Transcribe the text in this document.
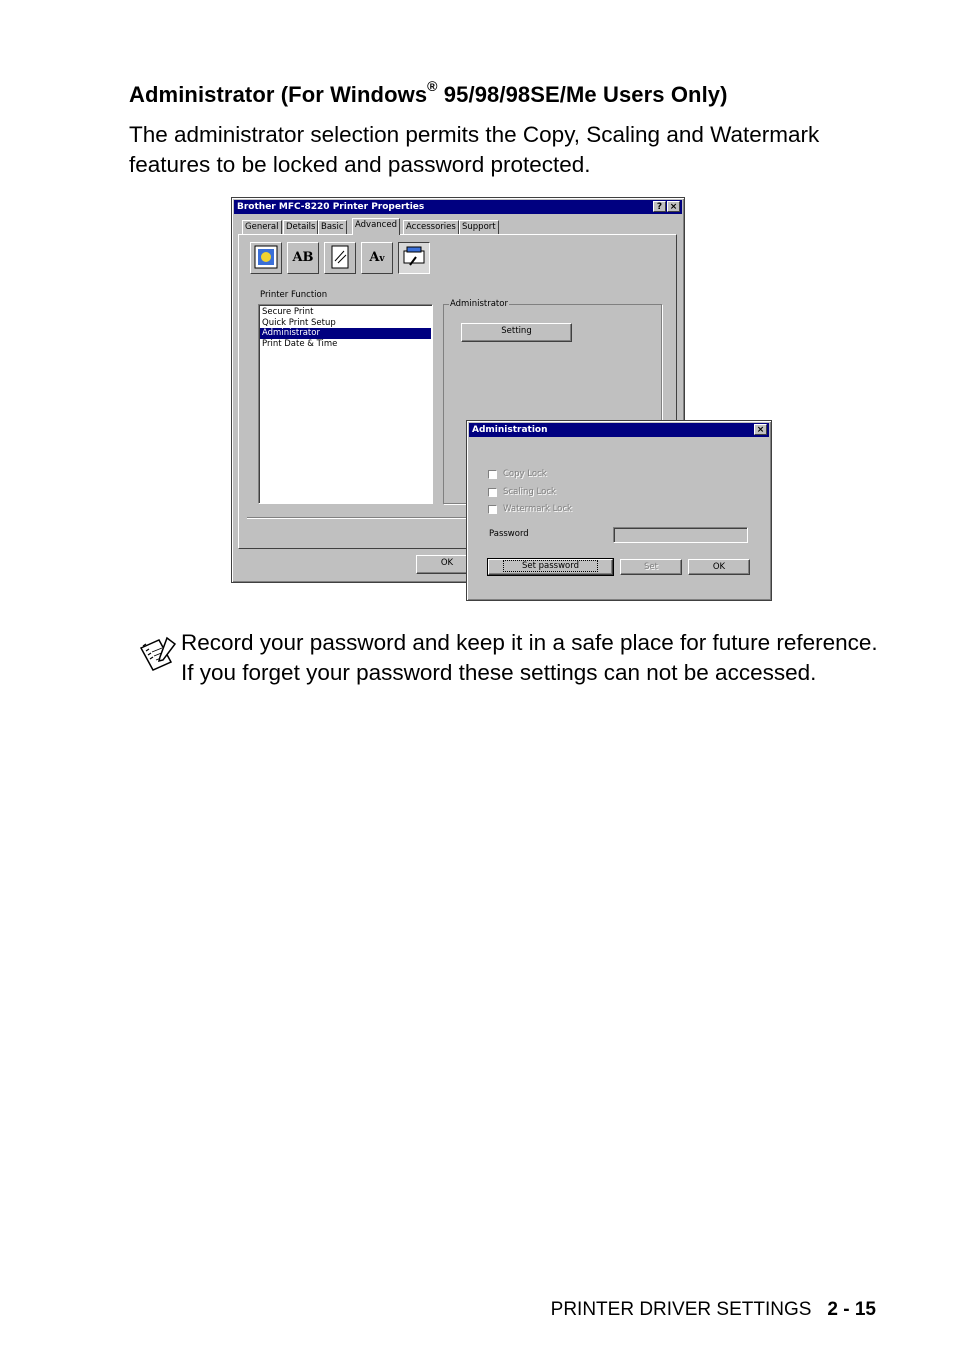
Administrator (For Windows® 95/98/98SE/Me Users Only)
The administrator selection permits the Copy, Scaling and Watermark features to be locked and password protected.
Brother MFC-8220 Printer Properties	? ×
General Details Basic	Advanced	Accessories Support
AB	Av
Printer Function
Secure Print
Quick Print Setup
Administrator
Print Date & Time
Administrator
Setting
OK
Administration	×
Copy Lock
Scaling Lock
Watermark Lock
Password
Set password	Set	OK
Record your password and keep it in a safe place for future reference. If you forget your password these settings can not be accessed.
PRINTER DRIVER SETTINGS 2 - 15
